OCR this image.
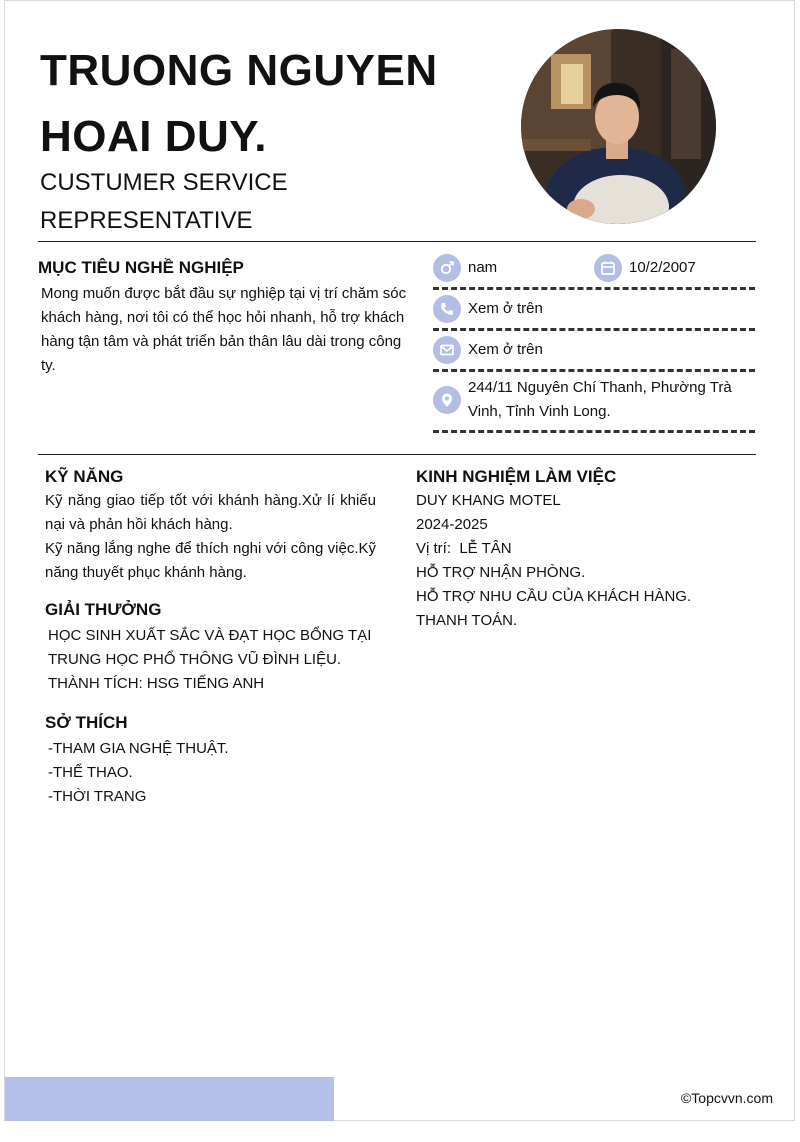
TRUONG NGUYEN
HOAI DUY.

CUSTUMER SERVICE
REPRESENTATIVE

MỤC TIÊU NGHỀ NGHIỆP

Mong muốn được bắt đầu sự nghiệp tại vị trí chăm sóc khách hàng, nơi tôi có thể học hỏi nhanh, hỗ trợ khách hàng tận tâm và phát triển bản thân lâu dài trong công ty.

nam	10/2/2007
Xem ở trên
Xem ở trên
244/11 Nguyên Chí Thanh, Phường Trà Vinh, Tỉnh Vinh Long.
KỸ NĂNG

Kỹ năng giao tiếp tốt với khánh hàng.Xử lí khiếu nại và phản hồi khách hàng.

Kỹ năng lắng nghe để thích nghi với công việc.Kỹ năng thuyết phục khánh hàng.

GIẢI THƯỞNG

HỌC SINH XUẤT SẮC VÀ ĐẠT HỌC BỔNG TẠI TRUNG HỌC PHỔ THÔNG VŨ ĐÌNH LIỆU.

THÀNH TÍCH: HSG TIẾNG ANH

SỞ THÍCH

-THAM GIA NGHỆ THUẬT.

-THỂ THAO.

-THỜI TRANG

KINH NGHIỆM LÀM VIỆC

DUY KHANG MOTEL

2024-2025

Vị trí:  LỄ TÂN

HỖ TRỢ NHẬN PHÒNG.

HỖ TRỢ NHU CẦU CỦA KHÁCH HÀNG.

THANH TOÁN.

©Topcvvn.com
